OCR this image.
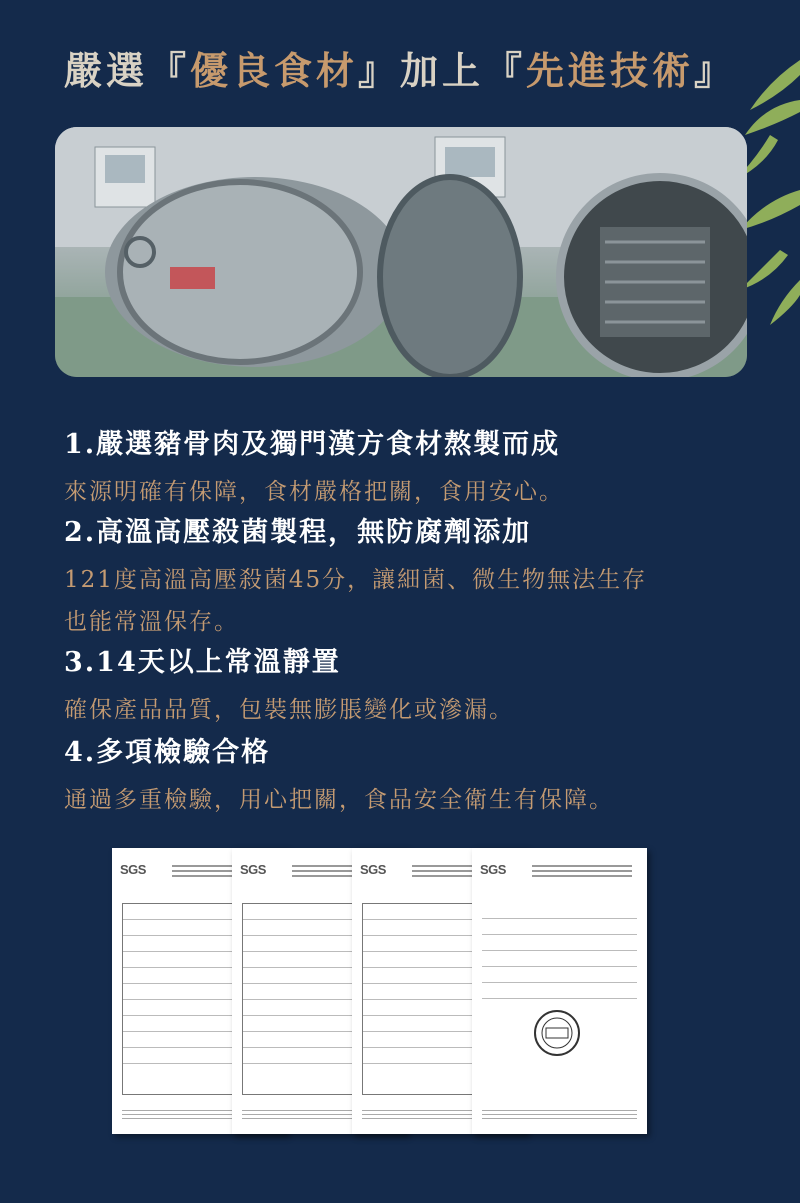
嚴選『優良食材』加上『先進技術』
1.嚴選豬骨肉及獨門漢方食材熬製而成
來源明確有保障，食材嚴格把關，食用安心。
2.高溫高壓殺菌製程，無防腐劑添加
121度高溫高壓殺菌45分，讓細菌、微生物無法生存
也能常溫保存。
3.14天以上常溫靜置
確保產品品質，包裝無膨脹變化或滲漏。
4.多項檢驗合格
通過多重檢驗，用心把關，食品安全衛生有保障。
SGS	SGS	SGS	SGS
